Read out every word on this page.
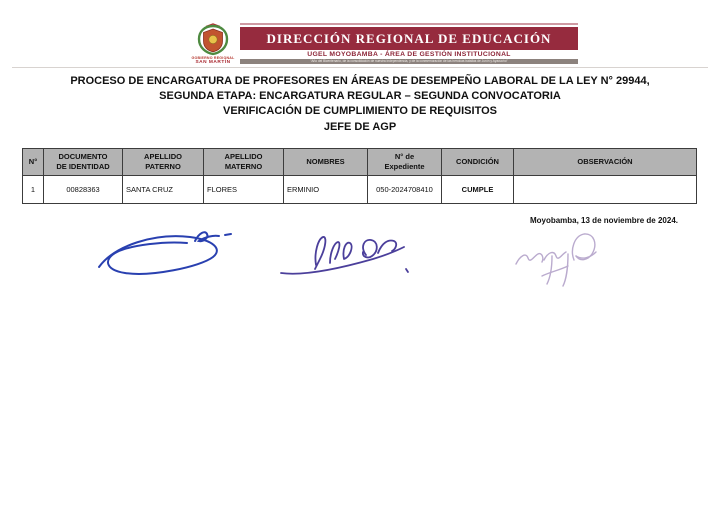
GOBIERNO REGIONAL
SAN MARTÍN
DIRECCIÓN REGIONAL DE EDUCACIÓN
UGEL MOYOBAMBA - ÁREA DE GESTIÓN INSTITUCIONAL
"Año del Bicentenario, de la consolidación de nuestra Independencia, y de la conmemoración de las heroicas batallas de Junín y Ayacucho"
PROCESO DE ENCARGATURA DE PROFESORES EN ÁREAS DE DESEMPEÑO LABORAL DE LA LEY N° 29944,
SEGUNDA ETAPA: ENCARGATURA REGULAR – SEGUNDA CONVOCATORIA
VERIFICACIÓN DE CUMPLIMIENTO DE REQUISITOS
JEFE DE AGP
N°	DOCUMENTO DE IDENTIDAD	APELLIDO PATERNO	APELLIDO MATERNO	NOMBRES	N° de Expediente	CONDICIÓN	OBSERVACIÓN
1	00828363	SANTA CRUZ	FLORES	ERMINIO	050-2024708410	CUMPLE	
Moyobamba, 13 de noviembre de 2024.
